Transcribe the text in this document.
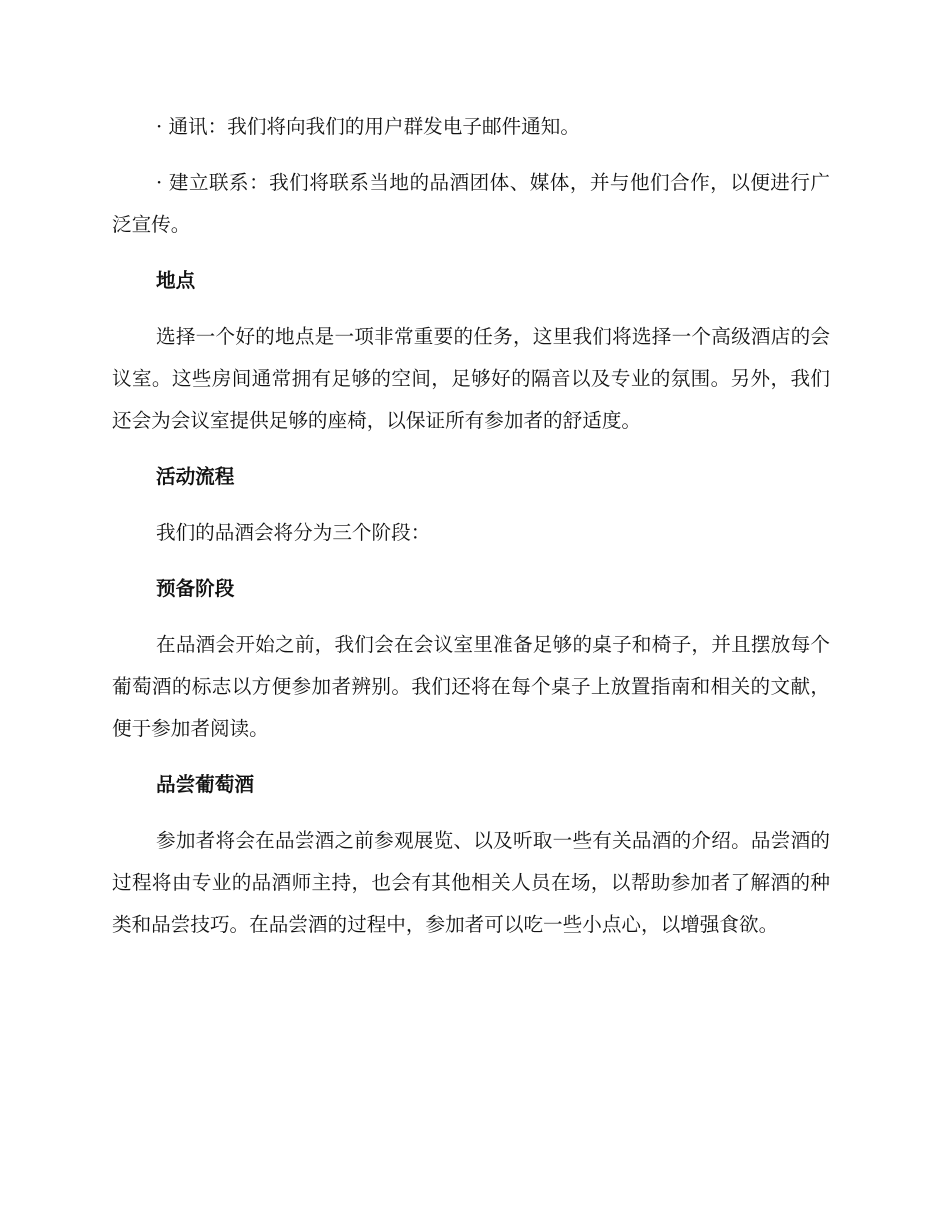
· 通讯：我们将向我们的用户群发电子邮件通知。

· 建立联系：我们将联系当地的品酒团体、媒体，并与他们合作，以便进行广泛宣传。

地点

选择一个好的地点是一项非常重要的任务，这里我们将选择一个高级酒店的会议室。这些房间通常拥有足够的空间，足够好的隔音以及专业的氛围。另外，我们还会为会议室提供足够的座椅，以保证所有参加者的舒适度。

活动流程

我们的品酒会将分为三个阶段：

预备阶段

在品酒会开始之前，我们会在会议室里准备足够的桌子和椅子，并且摆放每个葡萄酒的标志以方便参加者辨别。我们还将在每个桌子上放置指南和相关的文献，便于参加者阅读。

品尝葡萄酒

参加者将会在品尝酒之前参观展览、以及听取一些有关品酒的介绍。品尝酒的过程将由专业的品酒师主持，也会有其他相关人员在场，以帮助参加者了解酒的种类和品尝技巧。在品尝酒的过程中，参加者可以吃一些小点心，以增强食欲。
